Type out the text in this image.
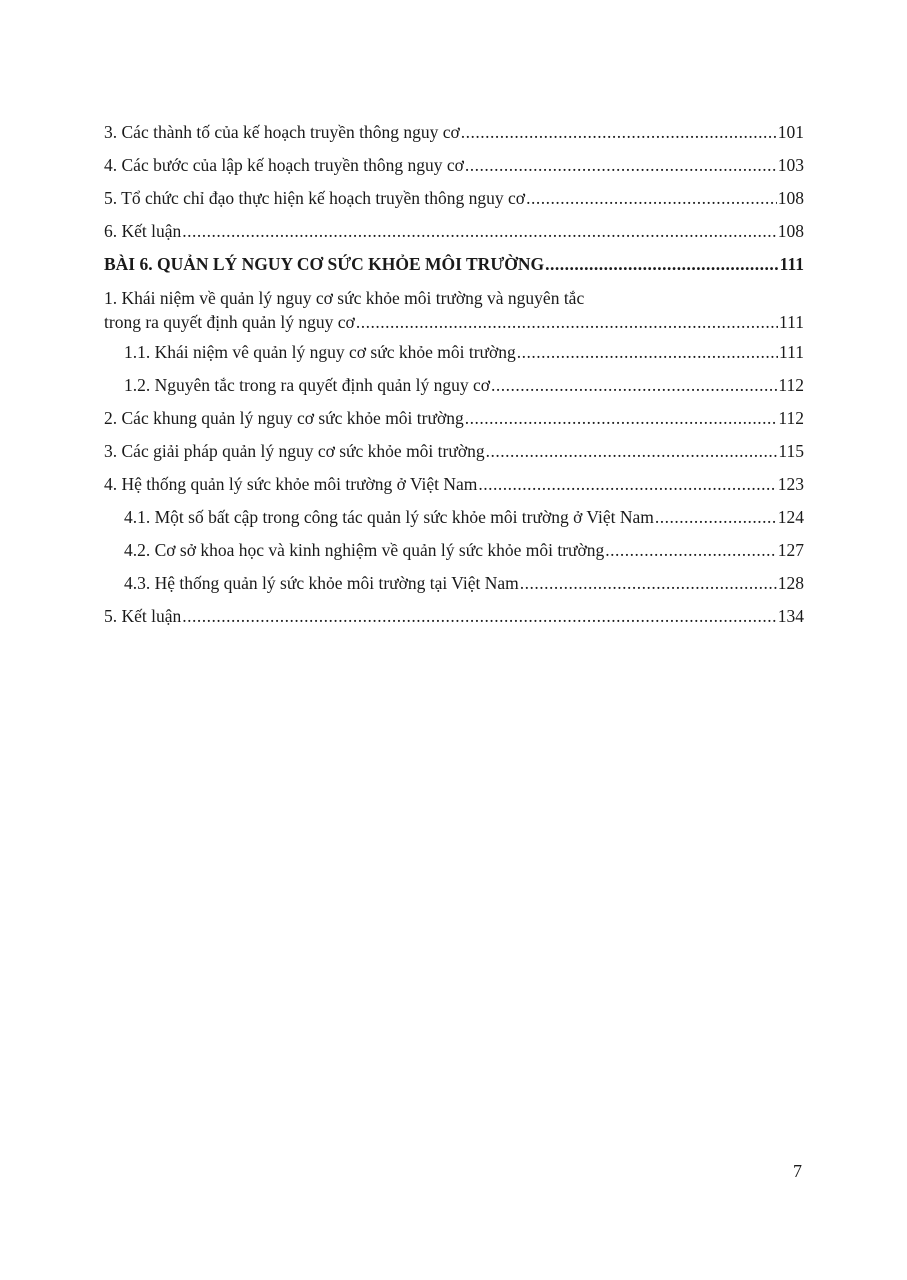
3. Các thành tố của kế hoạch truyền thông nguy cơ .....	101
4. Các bước của lập kế hoạch truyền thông nguy cơ .....	103
5. Tổ chức chỉ đạo thực hiện kế hoạch truyền thông nguy cơ .....	108
6. Kết luận .....	108
BÀI 6. QUẢN LÝ NGUY CƠ SỨC KHỎE MÔI TRƯỜNG .....	111
1. Khái niệm về quản lý nguy cơ sức khỏe môi trường và nguyên tắc
trong ra quyết định quản lý nguy cơ .....	111
1.1. Khái niệm vê quản lý nguy cơ sức khỏe môi trường .....	111
1.2. Nguyên tắc trong ra quyết định quản lý nguy cơ .....	112
2. Các khung quản lý nguy cơ sức khỏe môi trường .....	112
3. Các giải pháp quản lý nguy cơ sức khỏe môi trường .....	115
4. Hệ thống quản lý sức khỏe môi trường ở Việt Nam .....	123
4.1. Một số bất cập trong công tác quản lý sức khỏe môi trường ở Việt Nam .....	124
4.2. Cơ sở khoa học và kinh nghiệm về quản lý sức khỏe môi trường .....	127
4.3. Hệ thống quản lý sức khỏe môi trường tại Việt Nam .....	128
5. Kết luận .....	134
7
